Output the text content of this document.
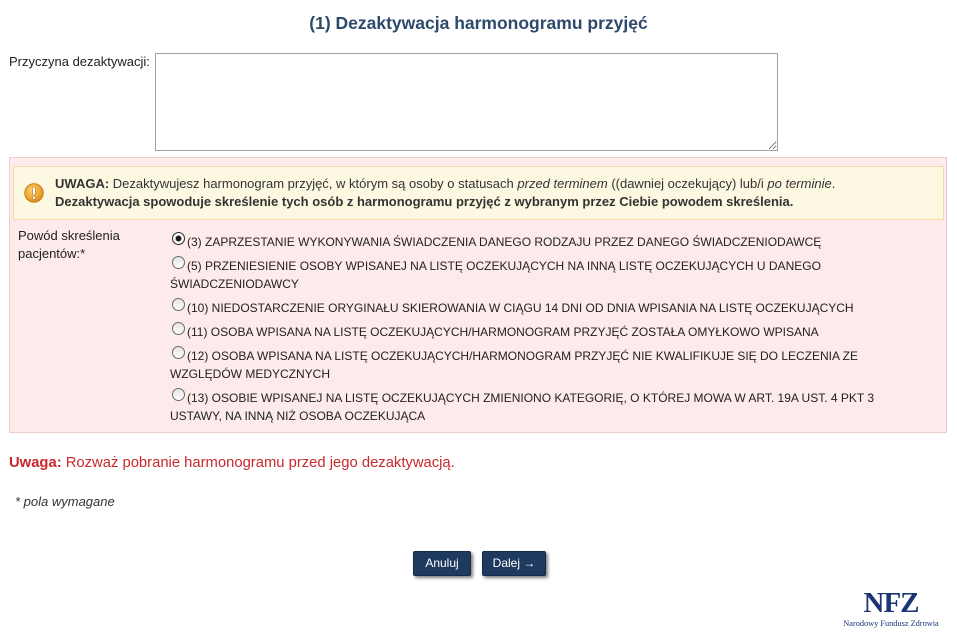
(1) Dezaktywacja harmonogramu przyjęć
Przyczyna dezaktywacji:
UWAGA: Dezaktywujesz harmonogram przyjęć, w którym są osoby o statusach przed terminem ((dawniej oczekujący) lub/i po terminie.
Dezaktywacja spowoduje skreślenie tych osób z harmonogramu przyjęć z wybranym przez Ciebie powodem skreślenia.
Powód skreślenia pacjentów:*
(3) ZAPRZESTANIE WYKONYWANIA ŚWIADCZENIA DANEGO RODZAJU PRZEZ DANEGO ŚWIADCZENIODAWCĘ
(5) PRZENIESIENIE OSOBY WPISANEJ NA LISTĘ OCZEKUJĄCYCH NA INNĄ LISTĘ OCZEKUJĄCYCH U DANEGO ŚWIADCZENIODAWCY
(10) NIEDOSTARCZENIE ORYGINAŁU SKIEROWANIA W CIĄGU 14 DNI OD DNIA WPISANIA NA LISTĘ OCZEKUJĄCYCH
(11) OSOBA WPISANA NA LISTĘ OCZEKUJĄCYCH/HARMONOGRAM PRZYJĘĆ ZOSTAŁA OMYŁKOWO WPISANA
(12) OSOBA WPISANA NA LISTĘ OCZEKUJĄCYCH/HARMONOGRAM PRZYJĘĆ NIE KWALIFIKUJE SIĘ DO LECZENIA ZE WZGLĘDÓW MEDYCZNYCH
(13) OSOBIE WPISANEJ NA LISTĘ OCZEKUJĄCYCH ZMIENIONO KATEGORIĘ, O KTÓREJ MOWA W ART. 19A UST. 4 PKT 3 USTAWY, NA INNĄ NIŻ OSOBA OCZEKUJĄCA
Uwaga: Rozważ pobranie harmonogramu przed jego dezaktywacją.
* pola wymagane
Anuluj	Dalej →
NFZ
Narodowy Fundusz Zdrowia
